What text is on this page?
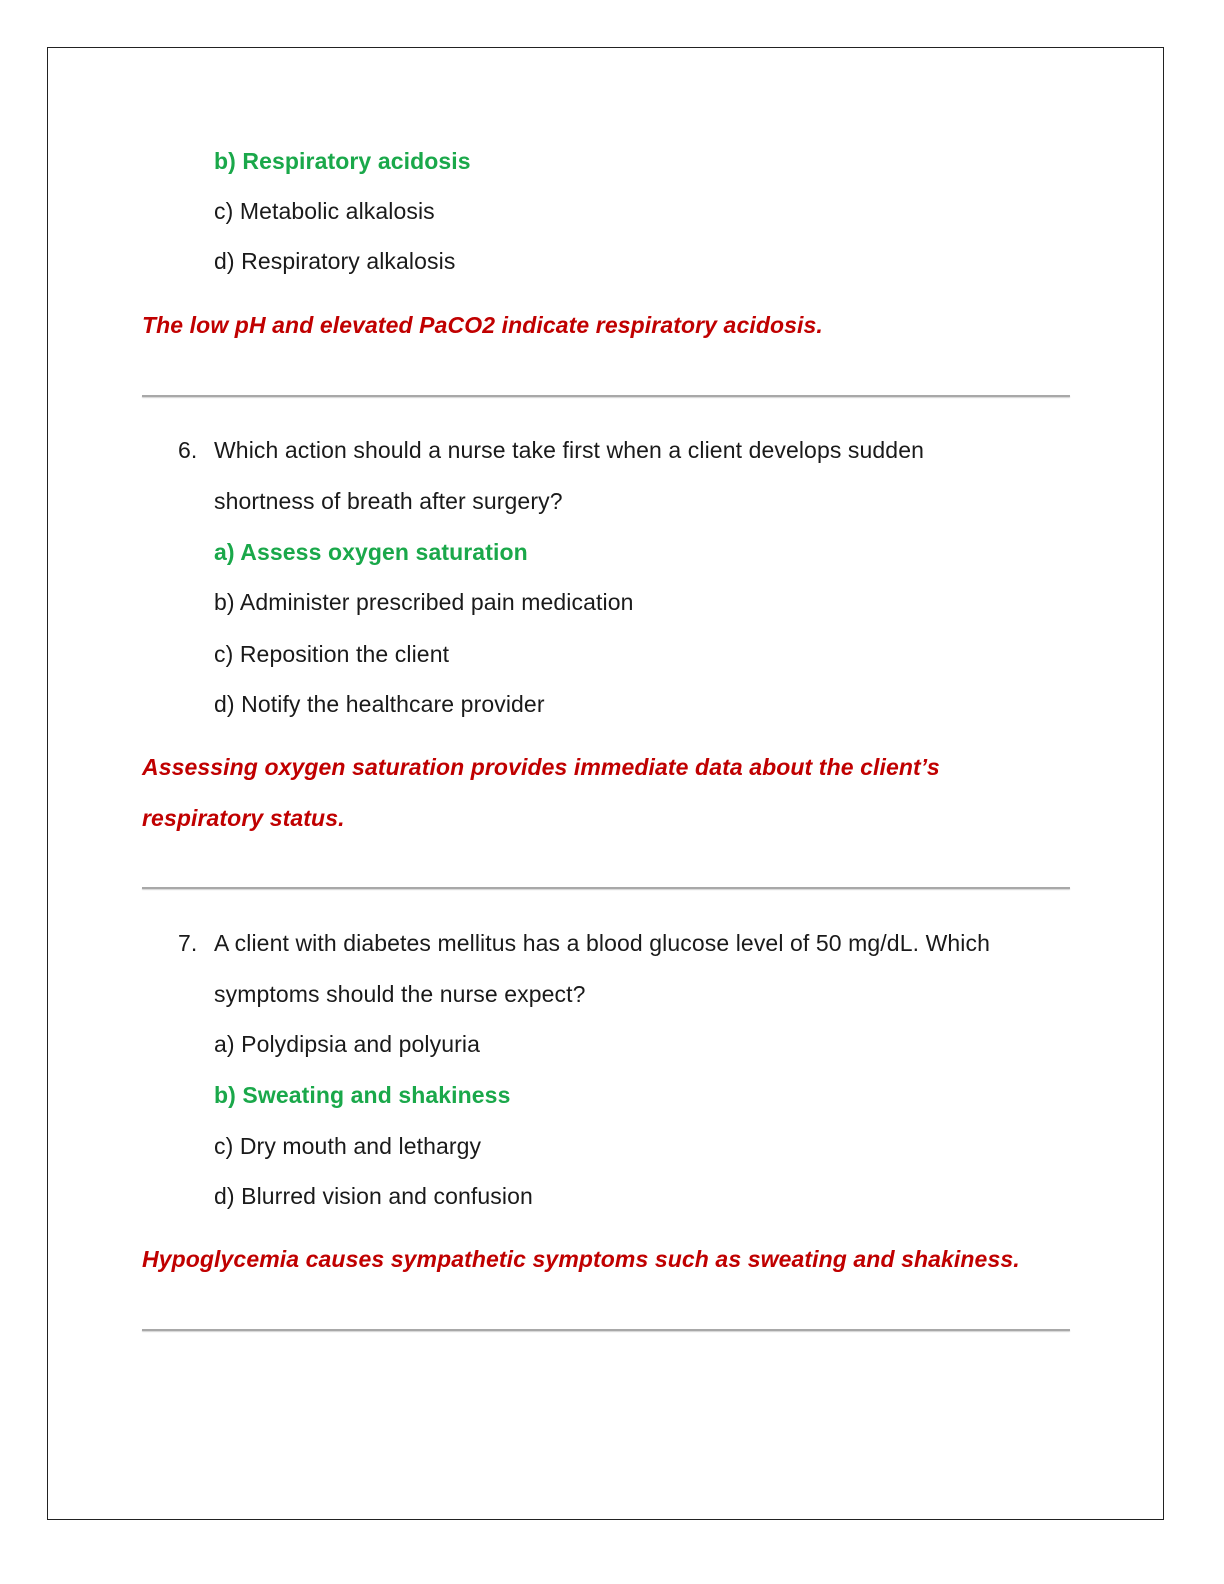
b) Respiratory acidosis
c) Metabolic alkalosis
d) Respiratory alkalosis
The low pH and elevated PaCO2 indicate respiratory acidosis.
6. Which action should a nurse take first when a client develops sudden
shortness of breath after surgery?
a) Assess oxygen saturation
b) Administer prescribed pain medication
c) Reposition the client
d) Notify the healthcare provider
Assessing oxygen saturation provides immediate data about the client’s
respiratory status.
7. A client with diabetes mellitus has a blood glucose level of 50 mg/dL. Which
symptoms should the nurse expect?
a) Polydipsia and polyuria
b) Sweating and shakiness
c) Dry mouth and lethargy
d) Blurred vision and confusion
Hypoglycemia causes sympathetic symptoms such as sweating and shakiness.
